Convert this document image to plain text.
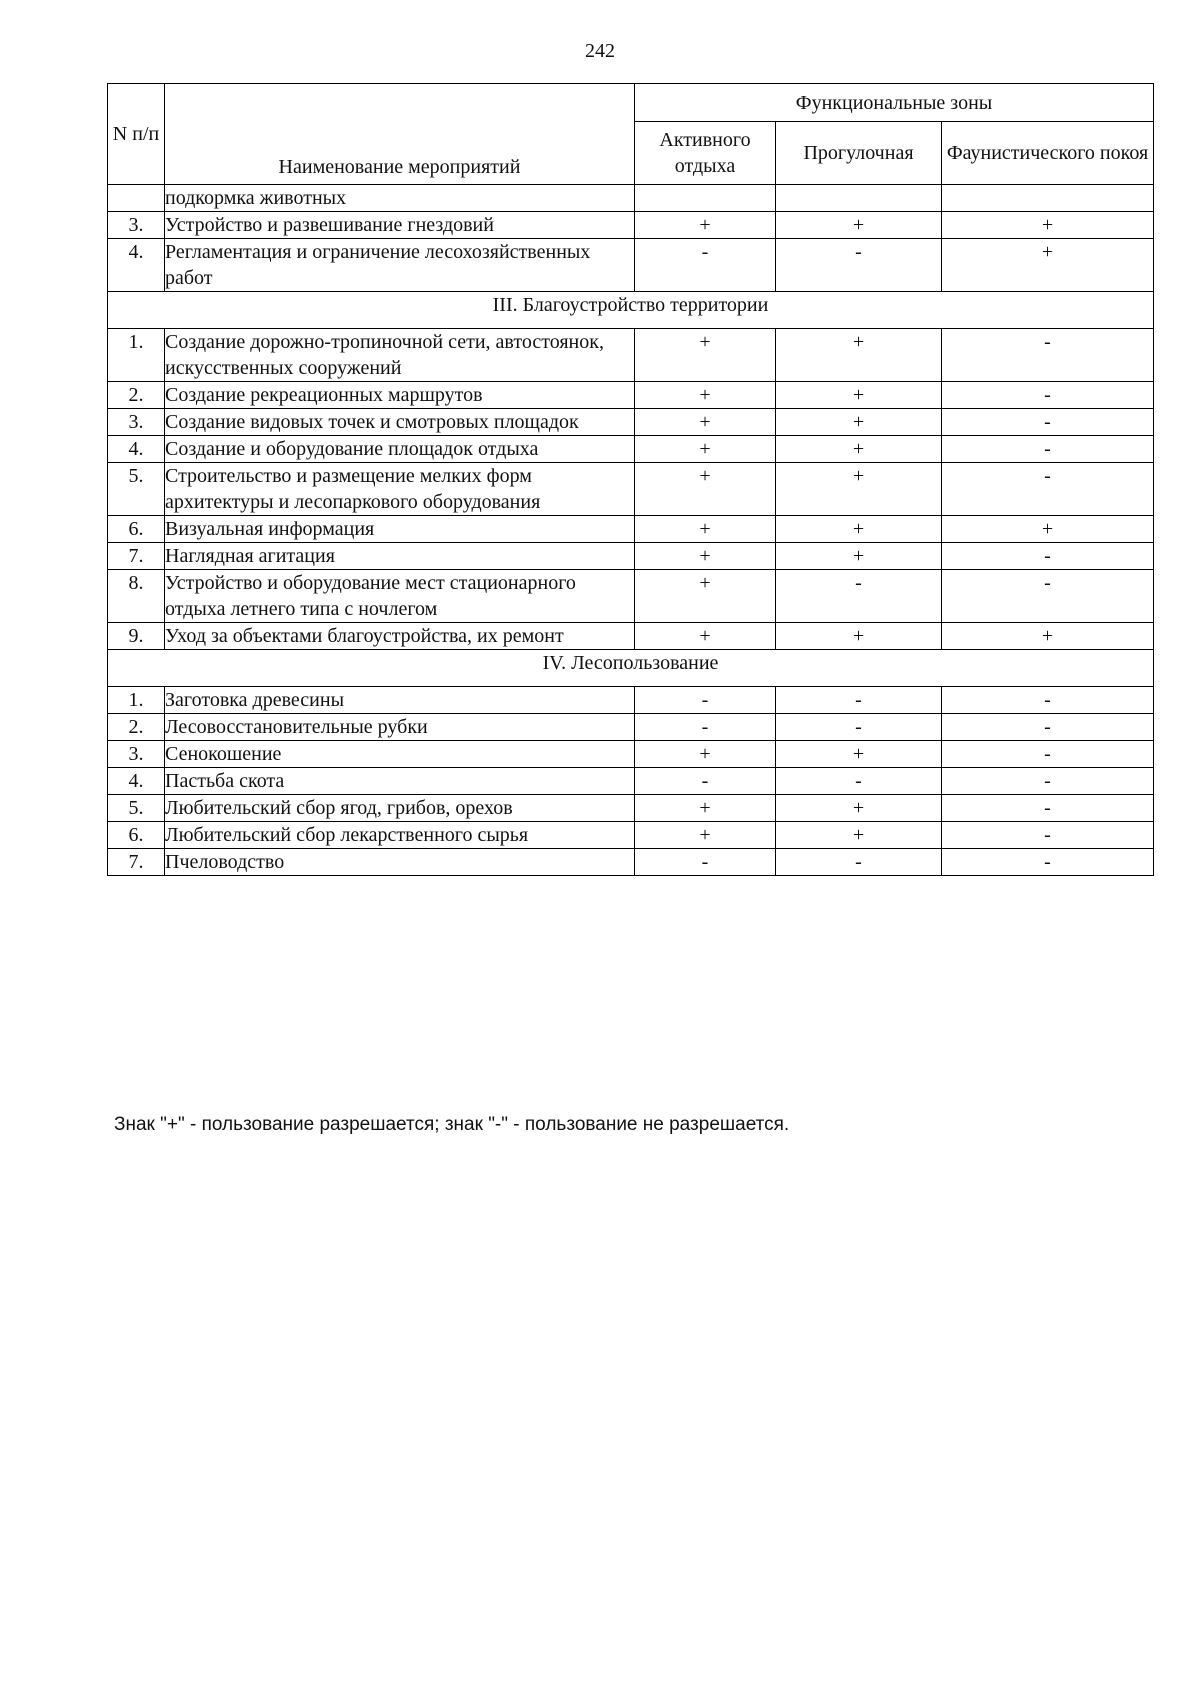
242
N п/п	Наименование мероприятий	Функциональные зоны		
		Активного отдыха	Прогулочная	Фаунистического покоя
	подкормка животных			
3.	Устройство и развешивание гнездовий	+	+	+
4.	Регламентация и ограничение лесохозяйственных работ	-	-	+
III. Благоустройство территории				
1.	Создание дорожно-тропиночной сети, автостоянок, искусственных сооружений	+	+	-
2.	Создание рекреационных маршрутов	+	+	-
3.	Создание видовых точек и смотровых площадок	+	+	-
4.	Создание и оборудование площадок отдыха	+	+	-
5.	Строительство и размещение мелких форм архитектуры и лесопаркового оборудования	+	+	-
6.	Визуальная информация	+	+	+
7.	Наглядная агитация	+	+	-
8.	Устройство и оборудование мест стационарного отдыха летнего типа с ночлегом	+	-	-
9.	Уход за объектами благоустройства, их ремонт	+	+	+
IV. Лесопользование				
1.	Заготовка древесины	-	-	-
2.	Лесовосстановительные рубки	-	-	-
3.	Сенокошение	+	+	-
4.	Пастьба скота	-	-	-
5.	Любительский сбор ягод, грибов, орехов	+	+	-
6.	Любительский сбор лекарственного сырья	+	+	-
7.	Пчеловодство	-	-	-
Знак "+" - пользование разрешается; знак "-" - пользование не разрешается.
